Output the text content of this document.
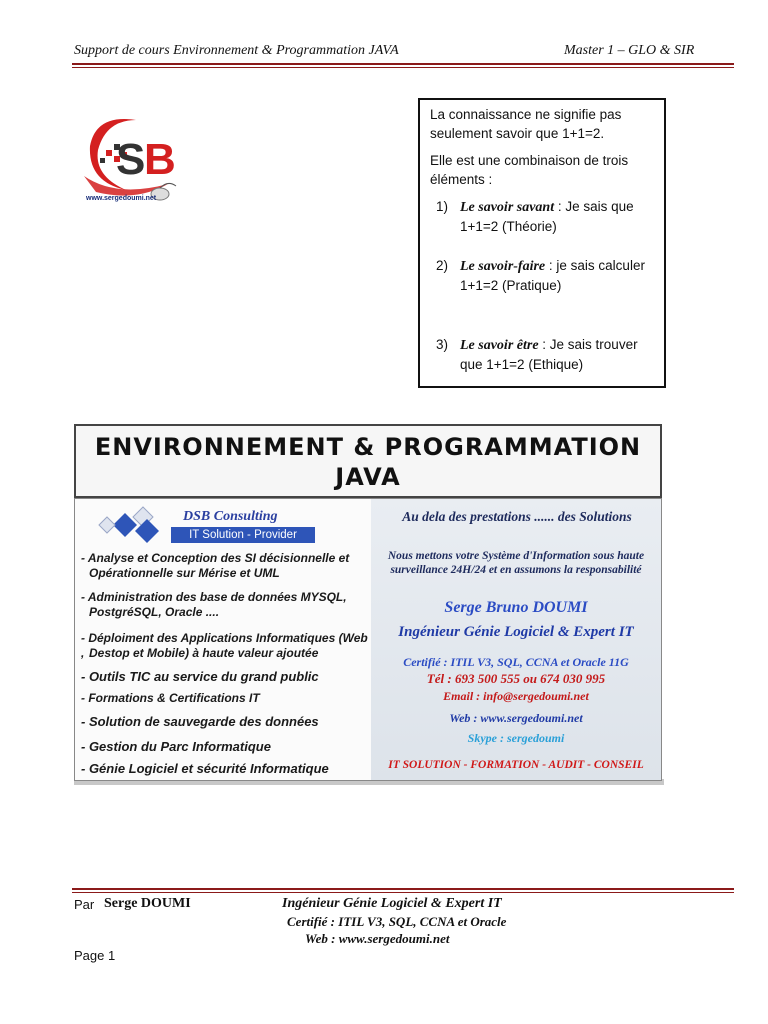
Support de cours Environnement & Programmation JAVA	Master 1 – GLO & SIR
S
B
www.sergedoumi.net

La connaissance ne signifie pas seulement savoir que 1+1=2.

Elle est une combinaison de trois éléments :

1) Le savoir savant : Je sais que 1+1=2 (Théorie)
2) Le savoir-faire : je sais calculer 1+1=2 (Pratique)
3) Le savoir être : Je sais trouver que 1+1=2 (Ethique)
ENVIRONNEMENT & PROGRAMMATION
JAVA
DSB Consulting
IT Solution - Provider
- Analyse et Conception des SI décisionnelle et
Opérationnelle sur Mérise et UML
- Administration des base de données MYSQL,
PostgréSQL, Oracle ....
- Déploiment des Applications Informatiques (Web , Destop et Mobile) à haute valeur ajoutée
- Outils TIC au service du grand public
- Formations & Certifications IT
- Solution de sauvegarde des données
- Gestion du Parc Informatique
- Génie Logiciel et sécurité Informatique
Au dela des prestations ...... des Solutions
Nous mettons votre Système d'Information sous haute
surveillance 24H/24 et en assumons la responsabilité
Serge Bruno DOUMI
Ingénieur Génie Logiciel & Expert IT
Certifié : ITIL V3, SQL, CCNA et Oracle 11G
Tél : 693 500 555 ou 674 030 995
Email : info@sergedoumi.net
Web : www.sergedoumi.net
Skype : sergedoumi
IT SOLUTION - FORMATION - AUDIT - CONSEIL
Par Serge DOUMI	Ingénieur Génie Logiciel & Expert IT
Certifié : ITIL V3, SQL, CCNA et Oracle
Web : www.sergedoumi.net
Page 1
